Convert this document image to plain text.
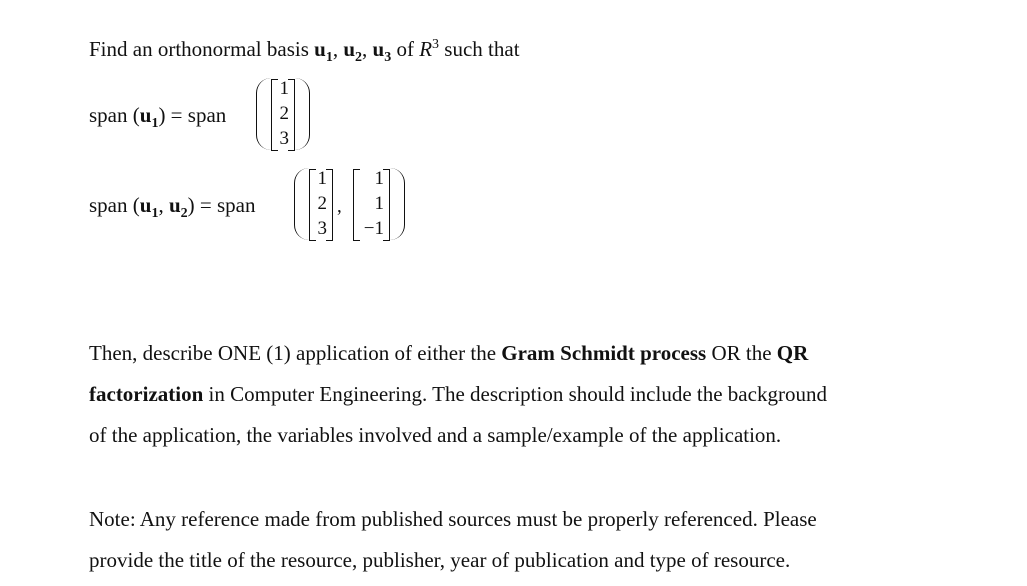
Find an orthonormal basis $u_1$, $u_2$, $u_3$ of $R^3$ such that
span $(u_1)$ = span
1
2
3
span ($u_1$, $u_2$) = span
1
2
3
,
1
1
−1
Then, describe ONE (1) application of either the Gram Schmidt process OR the QR
factorization in Computer Engineering. The description should include the background
of the application, the variables involved and a sample/example of the application.
Note: Any reference made from published sources must be properly referenced. Please
provide the title of the resource, publisher, year of publication and type of resource.
